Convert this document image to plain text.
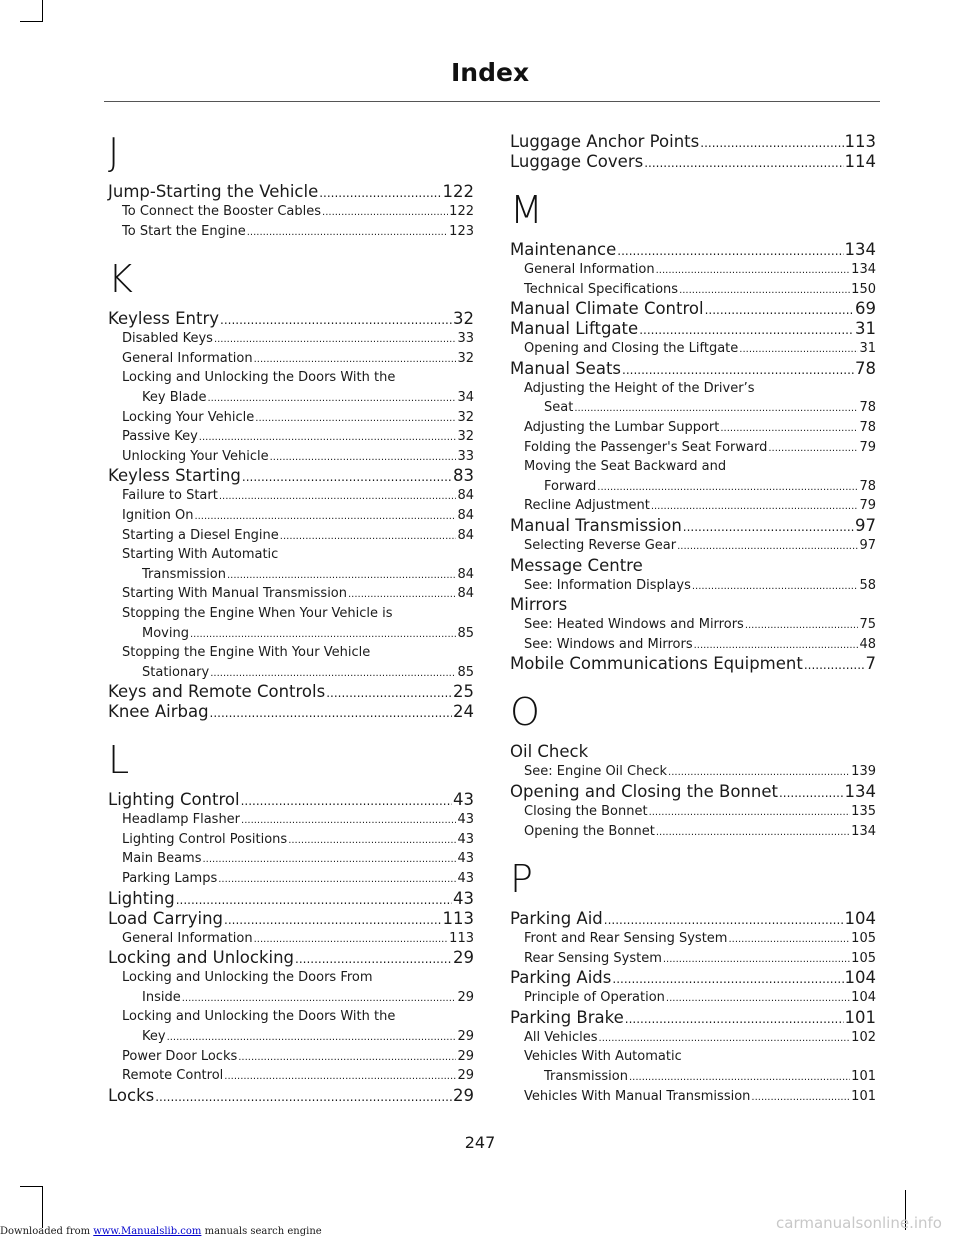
Index
J
Jump-Starting the Vehicle .....	122
To Connect the Booster Cables .....	122
To Start the Engine .....	123
K
Keyless Entry .....	32
Disabled Keys .....	33
General Information .....	32
Locking and Unlocking the Doors With the
Key Blade .....	34
Locking Your Vehicle .....	32
Passive Key .....	32
Unlocking Your Vehicle .....	33
Keyless Starting .....	83
Failure to Start .....	84
Ignition On .....	84
Starting a Diesel Engine .....	84
Starting With Automatic
Transmission .....	84
Starting With Manual Transmission .....	84
Stopping the Engine When Your Vehicle is
Moving .....	85
Stopping the Engine With Your Vehicle
Stationary .....	85
Keys and Remote Controls .....	25
Knee Airbag .....	24
L
Lighting Control .....	43
Headlamp Flasher .....	43
Lighting Control Positions .....	43
Main Beams .....	43
Parking Lamps .....	43
Lighting .....	43
Load Carrying .....	113
General Information .....	113
Locking and Unlocking .....	29
Locking and Unlocking the Doors From
Inside .....	29
Locking and Unlocking the Doors With the
Key .....	29
Power Door Locks .....	29
Remote Control .....	29
Locks .....	29
Luggage Anchor Points .....	113
Luggage Covers .....	114
M
Maintenance .....	134
General Information .....	134
Technical Specifications .....	150
Manual Climate Control .....	69
Manual Liftgate .....	31
Opening and Closing the Liftgate .....	31
Manual Seats .....	78
Adjusting the Height of the Driver’s
Seat .....	78
Adjusting the Lumbar Support .....	78
Folding the Passenger's Seat Forward .....	79
Moving the Seat Backward and
Forward .....	78
Recline Adjustment .....	79
Manual Transmission .....	97
Selecting Reverse Gear .....	97
Message Centre
See: Information Displays .....	58
Mirrors
See: Heated Windows and Mirrors .....	75
See: Windows and Mirrors .....	48
Mobile Communications Equipment .....	7
O
Oil Check
See: Engine Oil Check .....	139
Opening and Closing the Bonnet .....	134
Closing the Bonnet .....	135
Opening the Bonnet .....	134
P
Parking Aid .....	104
Front and Rear Sensing System .....	105
Rear Sensing System .....	105
Parking Aids .....	104
Principle of Operation .....	104
Parking Brake .....	101
All Vehicles .....	102
Vehicles With Automatic
Transmission .....	101
Vehicles With Manual Transmission .....	101
247
Downloaded from www.Manualslib.com manuals search engine	carmanualsonline.info
